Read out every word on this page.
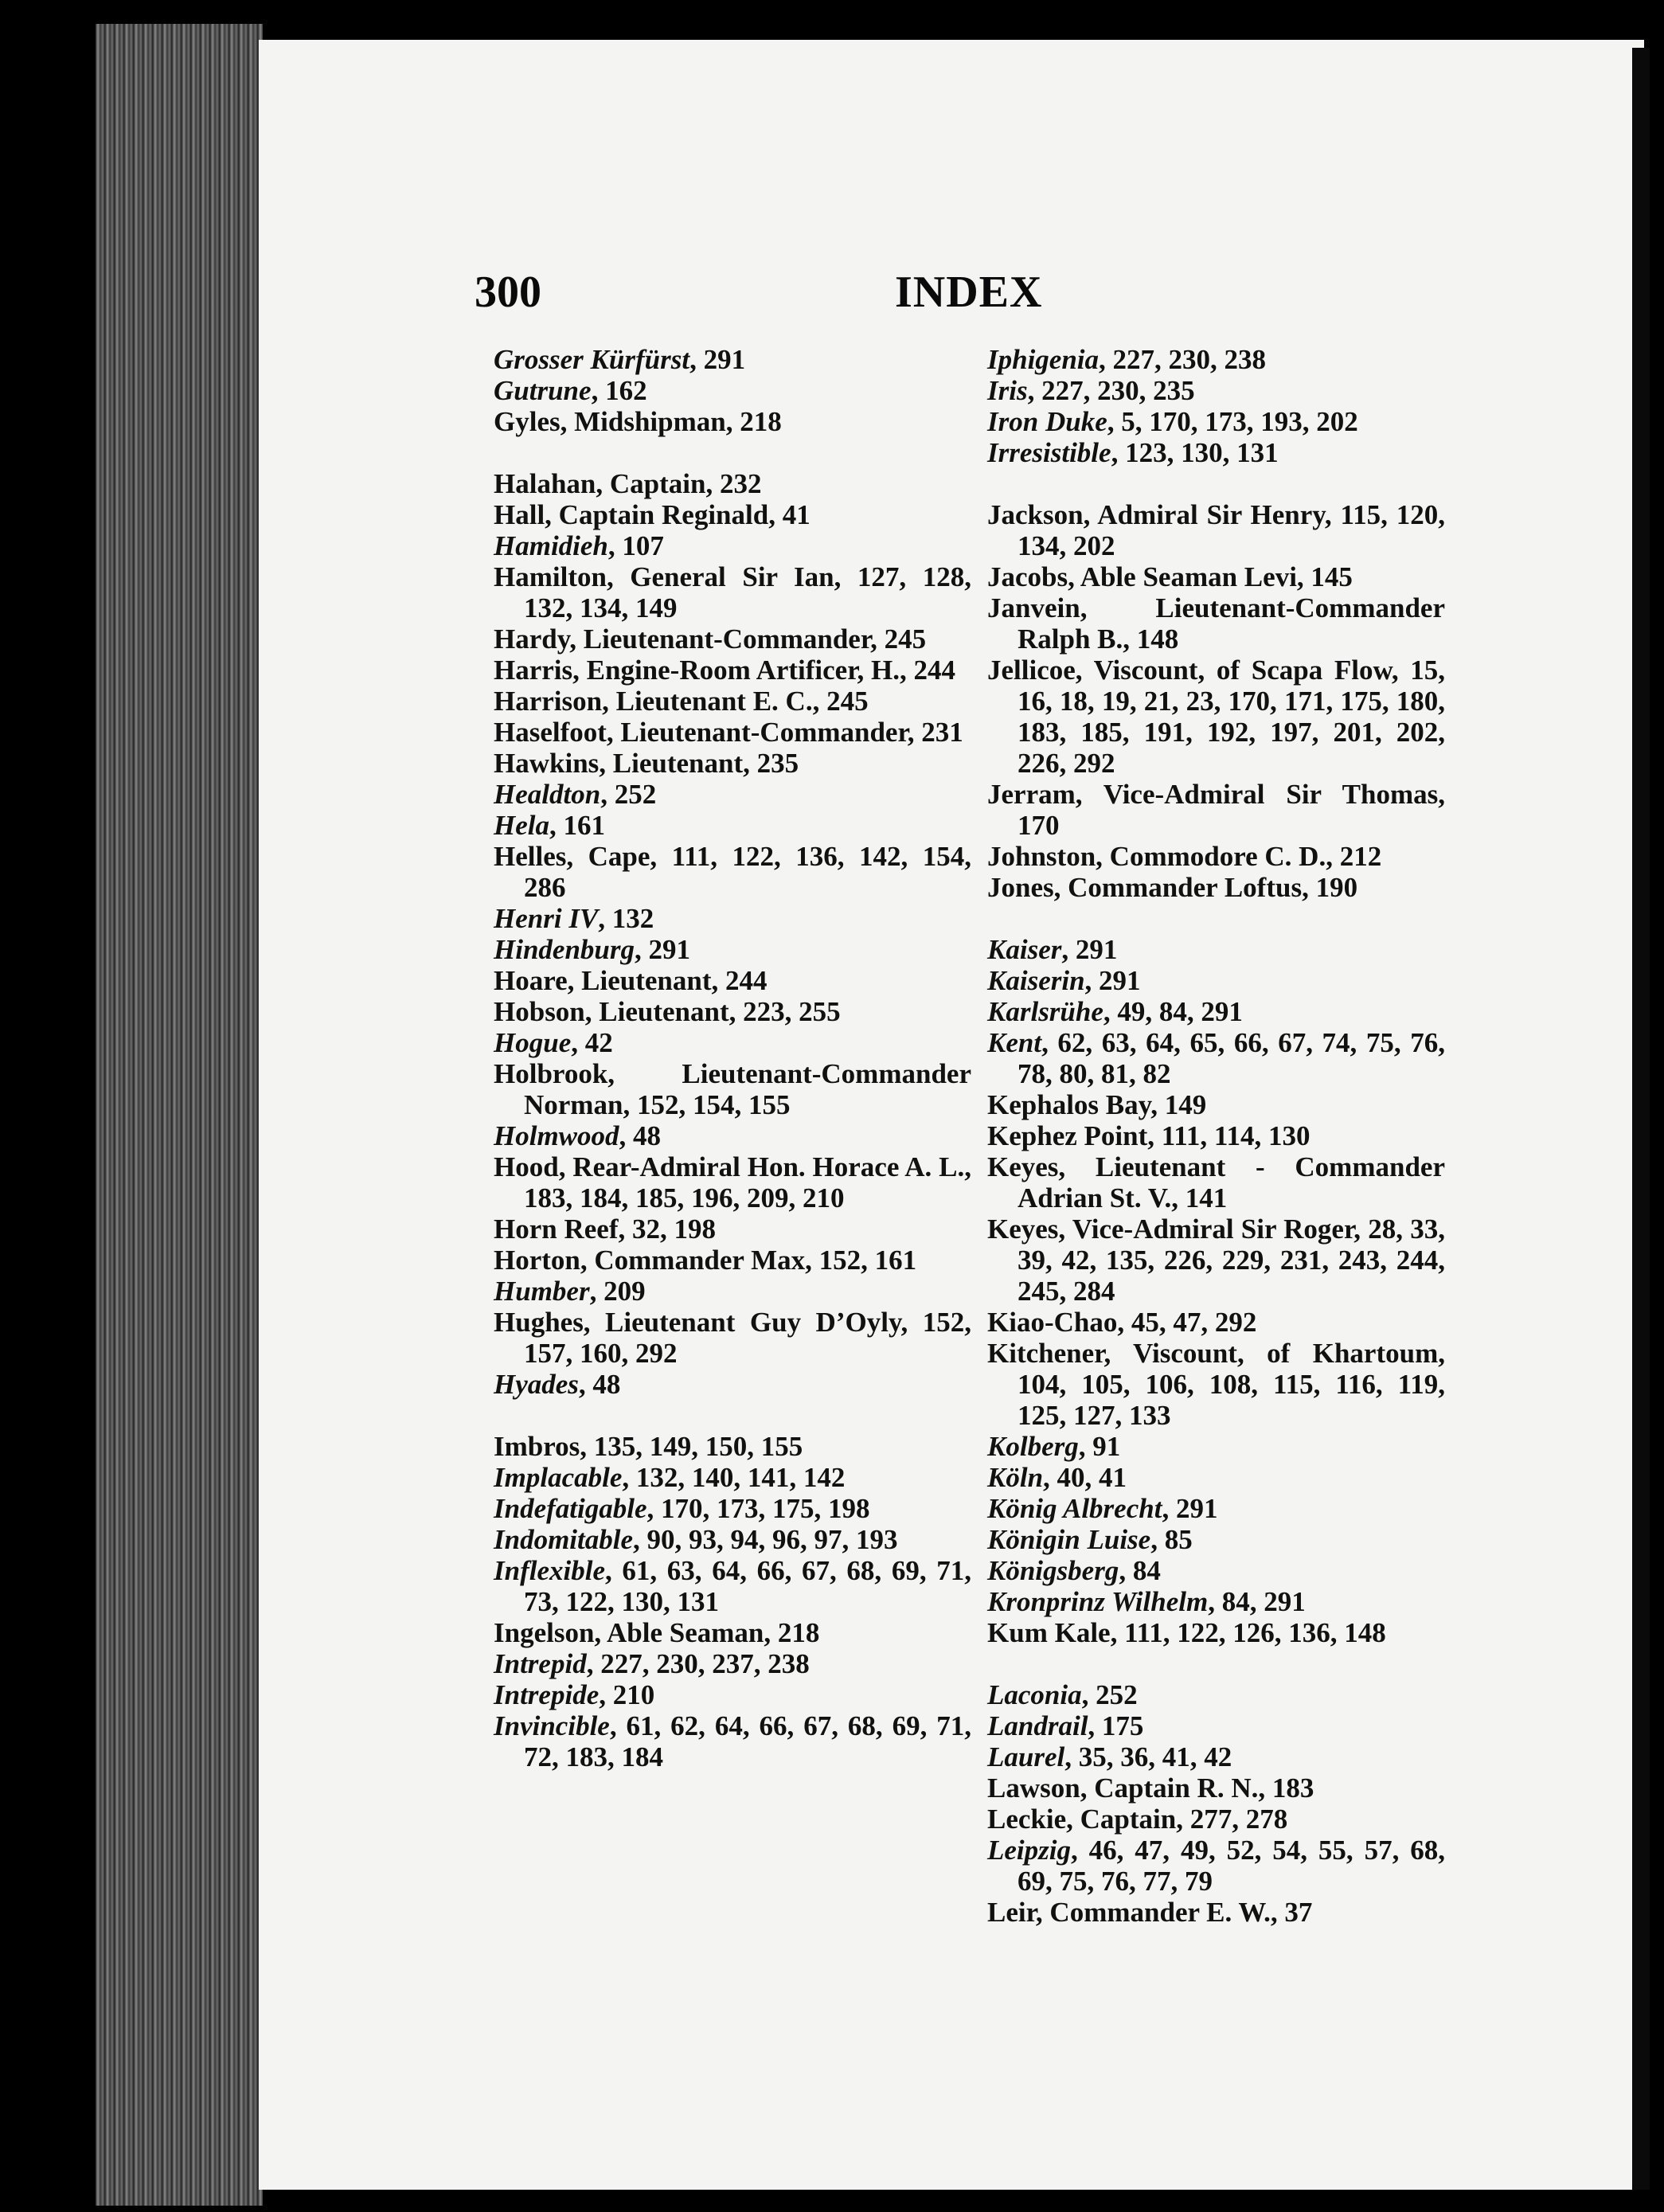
300	INDEX
Grosser Kürfürst, 291
Gutrune, 162
Gyles, Midshipman, 218
Halahan, Captain, 232
Hall, Captain Reginald, 41
Hamidieh, 107
Hamilton, General Sir Ian, 127, 128, 132, 134, 149
Hardy, Lieutenant-Commander, 245
Harris, Engine-Room Artificer, H., 244
Harrison, Lieutenant E. C., 245
Haselfoot, Lieutenant-Commander, 231
Hawkins, Lieutenant, 235
Healdton, 252
Hela, 161
Helles, Cape, 111, 122, 136, 142, 154, 286
Henri IV, 132
Hindenburg, 291
Hoare, Lieutenant, 244
Hobson, Lieutenant, 223, 255
Hogue, 42
Holbrook, Lieutenant-Commander Norman, 152, 154, 155
Holmwood, 48
Hood, Rear-Admiral Hon. Horace A. L., 183, 184, 185, 196, 209, 210
Horn Reef, 32, 198
Horton, Commander Max, 152, 161
Humber, 209
Hughes, Lieutenant Guy D’Oyly, 152, 157, 160, 292
Hyades, 48
Imbros, 135, 149, 150, 155
Implacable, 132, 140, 141, 142
Indefatigable, 170, 173, 175, 198
Indomitable, 90, 93, 94, 96, 97, 193
Inflexible, 61, 63, 64, 66, 67, 68, 69, 71, 73, 122, 130, 131
Ingelson, Able Seaman, 218
Intrepid, 227, 230, 237, 238
Intrepide, 210
Invincible, 61, 62, 64, 66, 67, 68, 69, 71, 72, 183, 184
Iphigenia, 227, 230, 238
Iris, 227, 230, 235
Iron Duke, 5, 170, 173, 193, 202
Irresistible, 123, 130, 131
Jackson, Admiral Sir Henry, 115, 120, 134, 202
Jacobs, Able Seaman Levi, 145
Janvein, Lieutenant-Commander Ralph B., 148
Jellicoe, Viscount, of Scapa Flow, 15, 16, 18, 19, 21, 23, 170, 171, 175, 180, 183, 185, 191, 192, 197, 201, 202, 226, 292
Jerram, Vice-Admiral Sir Thomas, 170
Johnston, Commodore C. D., 212
Jones, Commander Loftus, 190
Kaiser, 291
Kaiserin, 291
Karlsrühe, 49, 84, 291
Kent, 62, 63, 64, 65, 66, 67, 74, 75, 76, 78, 80, 81, 82
Kephalos Bay, 149
Kephez Point, 111, 114, 130
Keyes, Lieutenant - Commander Adrian St. V., 141
Keyes, Vice-Admiral Sir Roger, 28, 33, 39, 42, 135, 226, 229, 231, 243, 244, 245, 284
Kiao-Chao, 45, 47, 292
Kitchener, Viscount, of Khartoum, 104, 105, 106, 108, 115, 116, 119, 125, 127, 133
Kolberg, 91
Köln, 40, 41
König Albrecht, 291
Königin Luise, 85
Königsberg, 84
Kronprinz Wilhelm, 84, 291
Kum Kale, 111, 122, 126, 136, 148
Laconia, 252
Landrail, 175
Laurel, 35, 36, 41, 42
Lawson, Captain R. N., 183
Leckie, Captain, 277, 278
Leipzig, 46, 47, 49, 52, 54, 55, 57, 68, 69, 75, 76, 77, 79
Leir, Commander E. W., 37
